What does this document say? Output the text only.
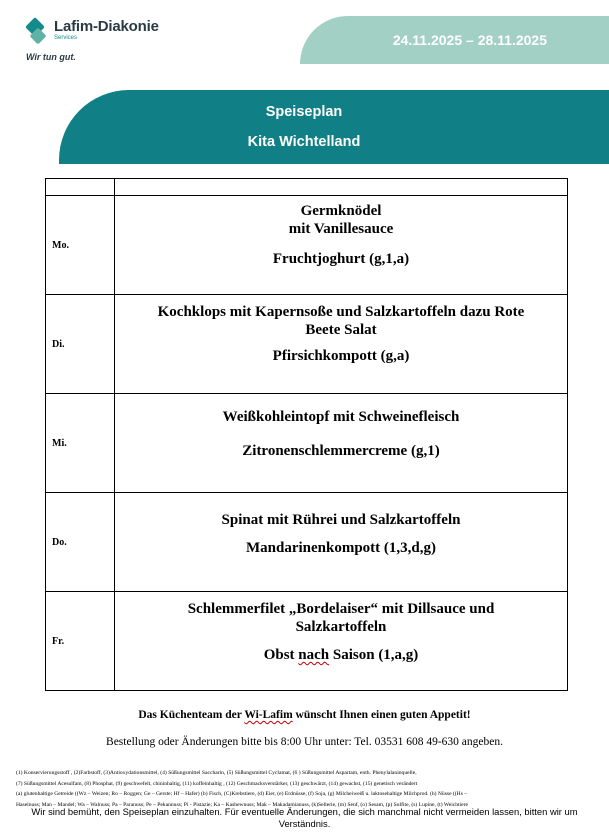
Lafim-Diakonie
Services
Wir tun gut.
24.11.2025 – 28.11.2025
Speiseplan
Kita Wichtelland

Mo.	Germknödel
mit Vanillesauce
Fruchtjoghurt (g,1,a)

Di.	Kochklops mit Kapernsoße und Salzkartoffeln dazu Rote
Beete Salat
Pfirsichkompott (g,a)

Mi.	Weißkohleintopf mit Schweinefleisch
Zitronenschlemmercreme (g,1)

Do.	Spinat mit Rührei und Salzkartoffeln
Mandarinenkompott (1,3,d,g)

Fr.	Schlemmerfilet „Bordelaiser“ mit Dillsauce und
Salzkartoffeln
Obst nach Saison (1,a,g)
Das Küchenteam der Wi-Lafim wünscht Ihnen einen guten Appetit!
Bestellung oder Änderungen bitte bis 8:00 Uhr unter: Tel. 03531 608 49-630 angeben.
(1) Konservierungsstoff , (2)Farbstoff, (3)Antioxydationsmittel, (4) Süßungsmittel Saccharin, (5) Süßungsmittel Cyclamat, (6 ) Süßungsmittel Aspartam, enth. Phenylalaninquelle,
(7) Süßungsmittel Acesulfam, (8) Phosphat, (9) geschwefelt, chininhaltig, (11) koffeinhaltig , (12) Geschmacksverstärker, (13) geschwärzt, (14) gewachst, (15) genetisch verändert
(a) glutenhaltige Getreide ((Wz – Weizen; Ro – Roggen; Ge – Gerste; Hf – Hafer) (b) Fisch, (C)Krebstiere, (d) Eier, (e) Erdnüsse, (f) Soja, (g) Milcheiweiß u. laktosehaltige Milchprod. (h) Nüsse ((Hs –
Haselnuss; Man – Mandel; Wa – Walnuss; Pa – Paranuss; Pe – Pekannuss; Pi - Pistazie; Ka – Kashewnuss; Mak – Makadamianuss, (k)Sellerie, (m) Senf, (o) Sesam, (p) Sulfite, (s) Lupine, (t) Weichtiere
Wir sind bemüht, den Speiseplan einzuhalten. Für eventuelle Änderungen, die sich manchmal nicht vermeiden lassen, bitten wir um Verständnis.
